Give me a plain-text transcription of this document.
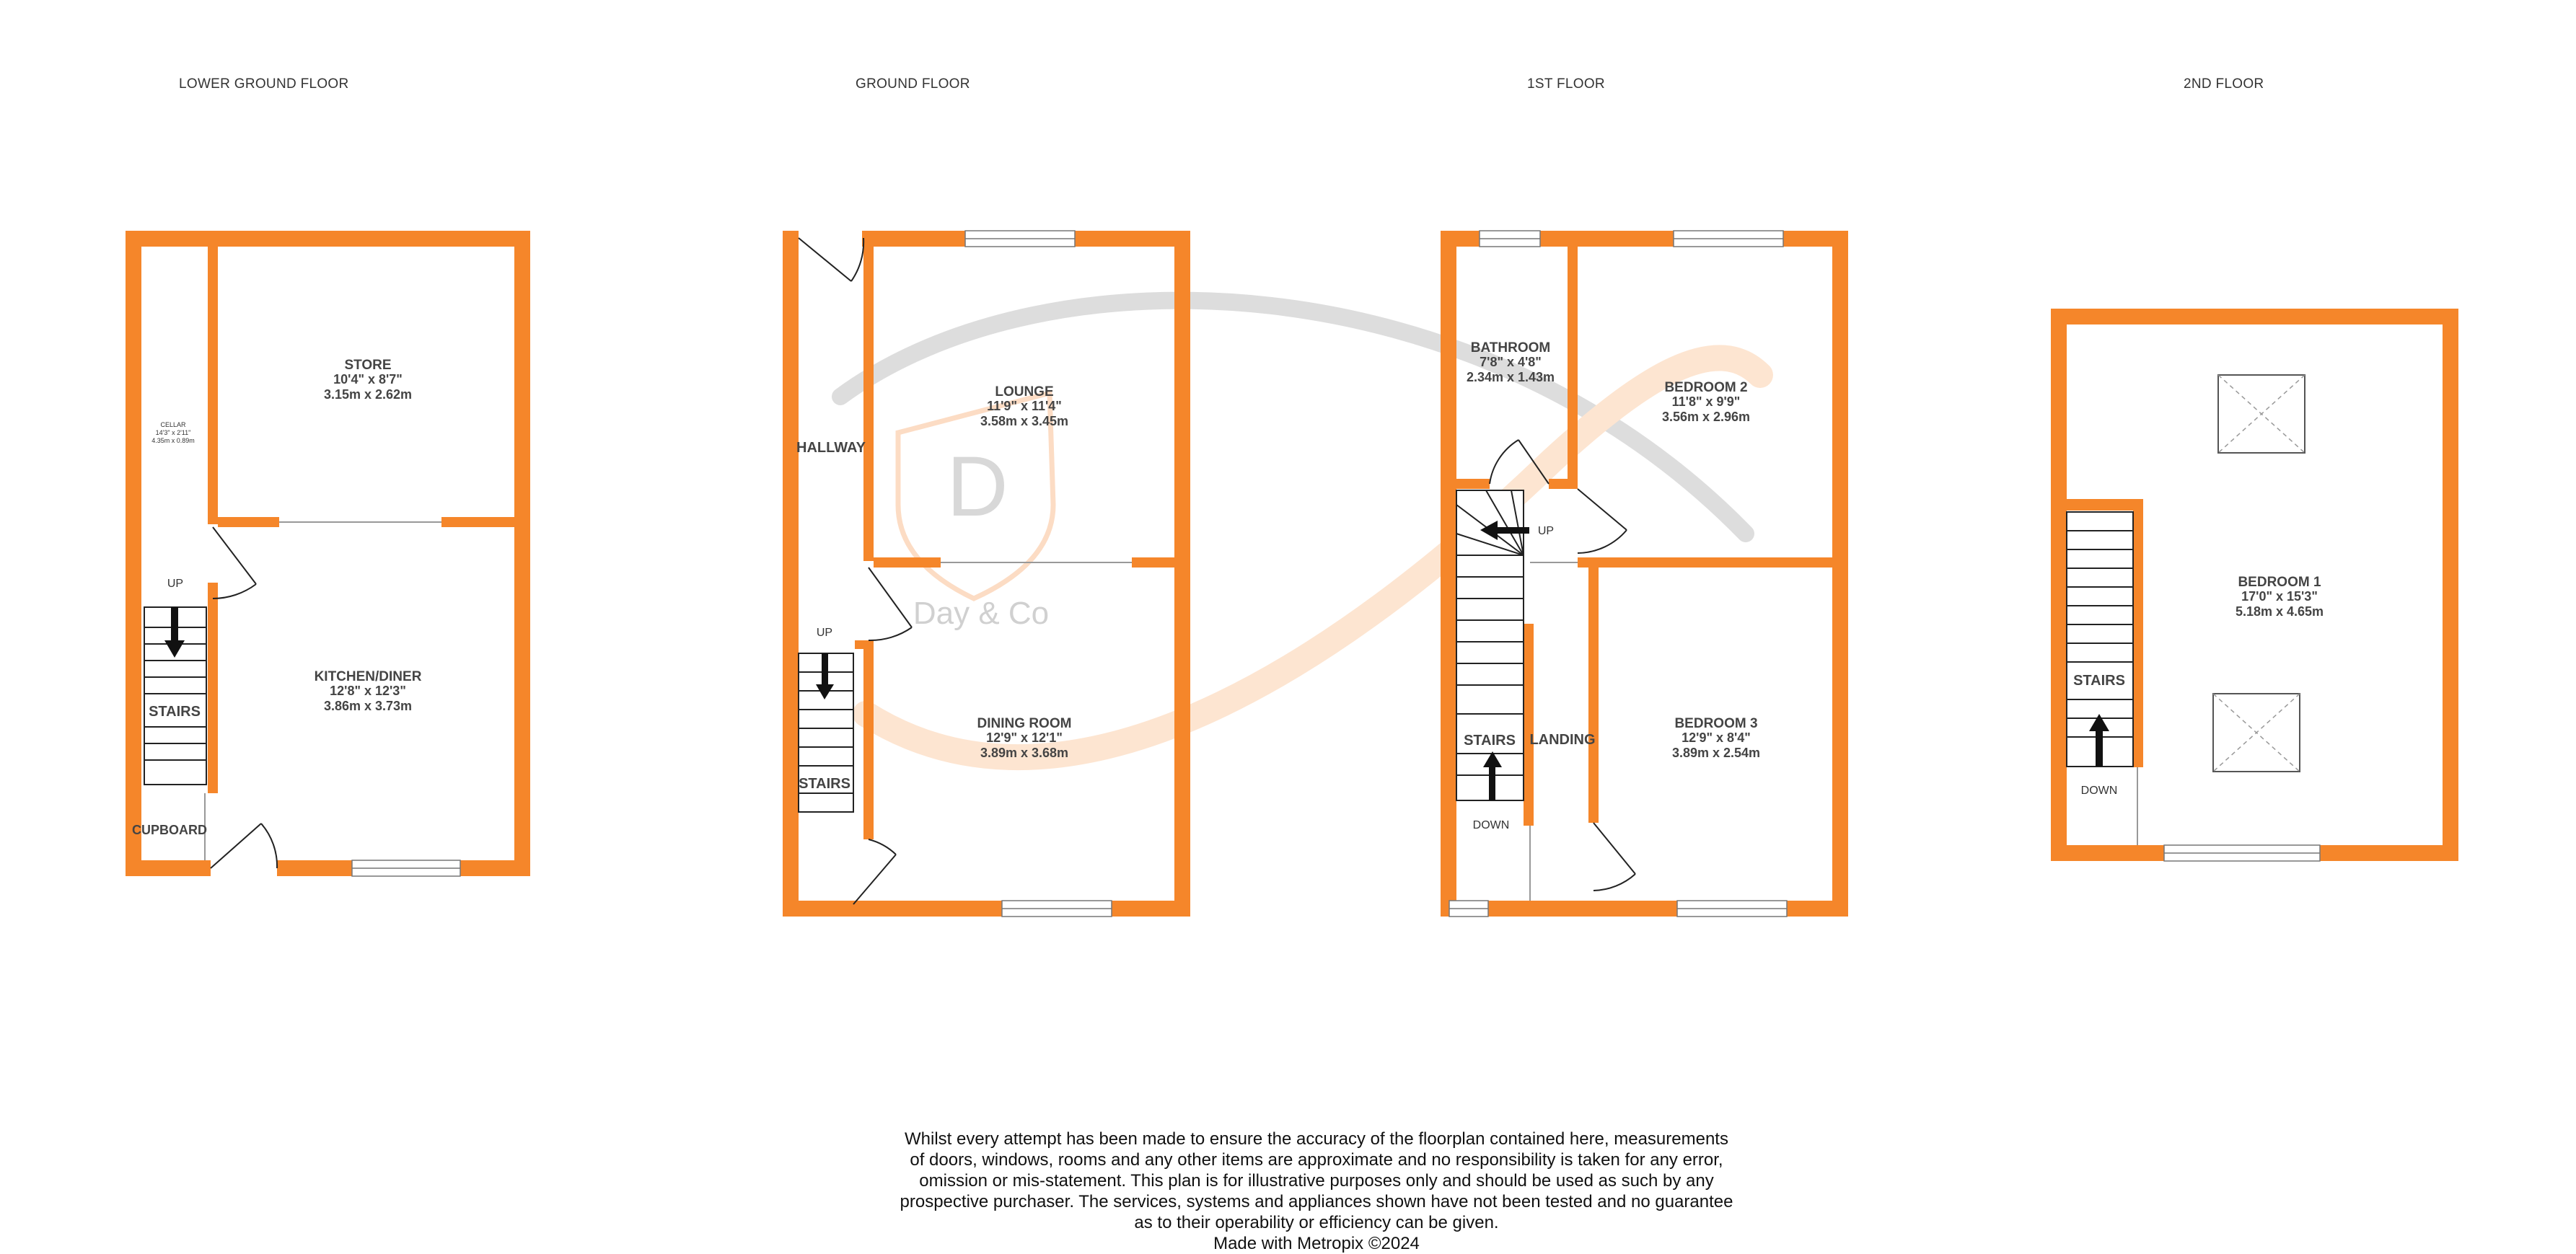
LOWER GROUND FLOOR	GROUND FLOOR	1ST FLOOR	2ND FLOOR
D
Day & Co
STAIRS
UP
CUPBOARD
CELLAR
14'3" x 2'11"
4.35m x 0.89m
STORE
10'4" x 8'7"
3.15m x 2.62m
KITCHEN/DINER
12'8" x 12'3"
3.86m x 3.73m
STAIRS
UP
HALLWAY
LOUNGE
11'9" x 11'4"
3.58m x 3.45m
DINING ROOM
12'9" x 12'1"
3.89m x 3.68m
STAIRS LANDING
UP
DOWN
BATHROOM
7'8" x 4'8"
2.34m x 1.43m
BEDROOM 2
11'8" x 9'9"
3.56m x 2.96m
BEDROOM 3
12'9" x 8'4"
3.89m x 2.54m
STAIRS
DOWN
BEDROOM 1
17'0" x 15'3"
5.18m x 4.65m
Whilst every attempt has been made to ensure the accuracy of the floorplan contained here, measurements
of doors, windows, rooms and any other items are approximate and no responsibility is taken for any error,
omission or mis-statement. This plan is for illustrative purposes only and should be used as such by any
prospective purchaser. The services, systems and appliances shown have not been tested and no guarantee
as to their operability or efficiency can be given.
Made with Metropix ©2024
